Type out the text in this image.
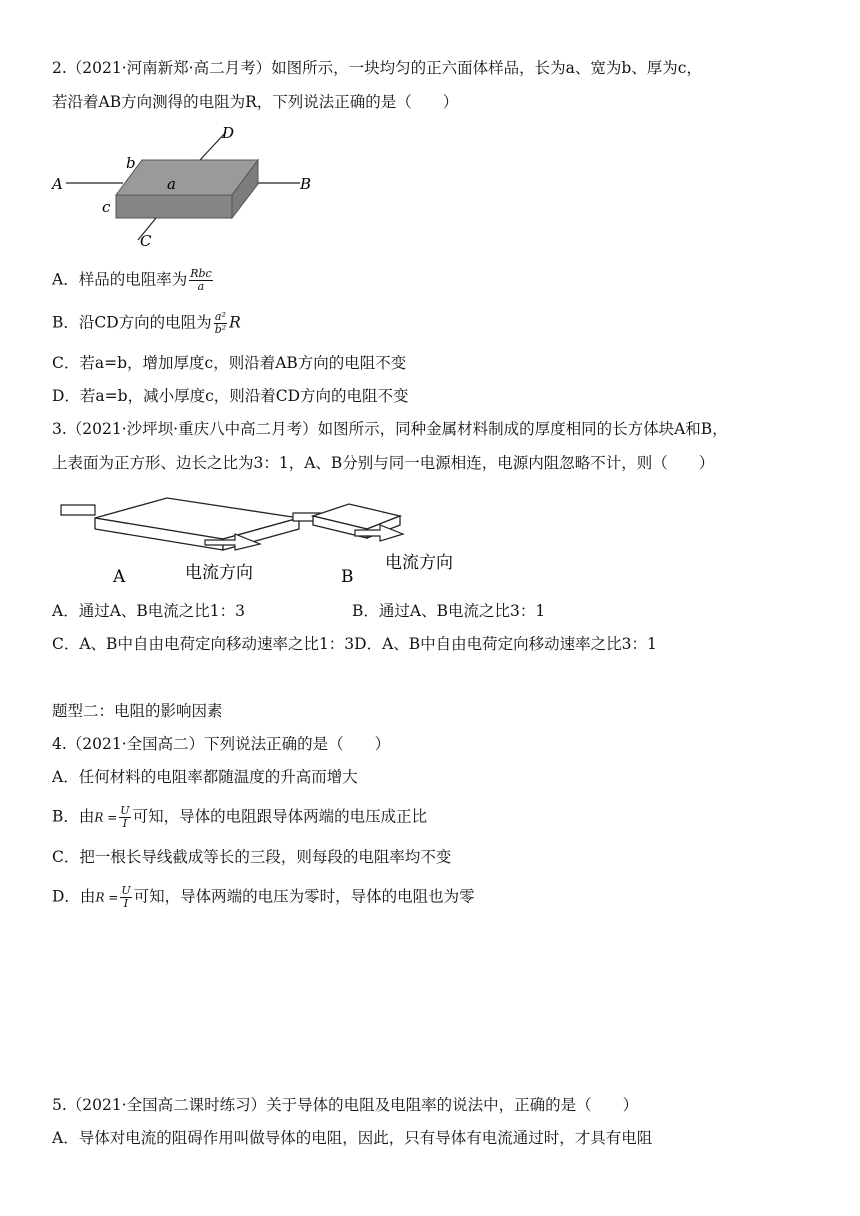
2.（2021·河南新郑·高二月考）如图所示，一块均匀的正六面体样品，长为a、宽为b、厚为c，
若沿着AB方向测得的电阻为R，下列说法正确的是（　　）
A	B
D
C
a
b
c
A．样品的电阻率为 $\frac{\text{Rbc}}{a}$
B．沿CD方向的电阻为 $\frac{\text{a²}}{\text{b²}}$ R
C．若a=b，增加厚度c，则沿着AB方向的电阻不变
D．若a=b，减小厚度c，则沿着CD方向的电阻不变
3.（2021·沙坪坝·重庆八中高二月考）如图所示，同种金属材料制成的厚度相同的长方体块A和B，
上表面为正方形、边长之比为3：1，A、B分别与同一电源相连，电源内阻忽略不计，则（　　）
A	B
电流方向	电流方向
A．通过A、B电流之比1：3	B．通过A、B电流之比3：1
C．A、B中自由电荷定向移动速率之比1：3D．A、B中自由电荷定向移动速率之比3：1
题型二：电阻的影响因素
4.（2021·全国高二）下列说法正确的是（　　）
A．任何材料的电阻率都随温度的升高而增大
B．由$R = \frac{U}{I}$ 可知，导体的电阻跟导体两端的电压成正比
C．把一根长导线截成等长的三段，则每段的电阻率均不变
D．由$R = \frac{U}{I}$ 可知，导体两端的电压为零时，导体的电阻也为零
5.（2021·全国高二课时练习）关于导体的电阻及电阻率的说法中，正确的是（　　）
A．导体对电流的阻碍作用叫做导体的电阻，因此，只有导体有电流通过时，才具有电阻
